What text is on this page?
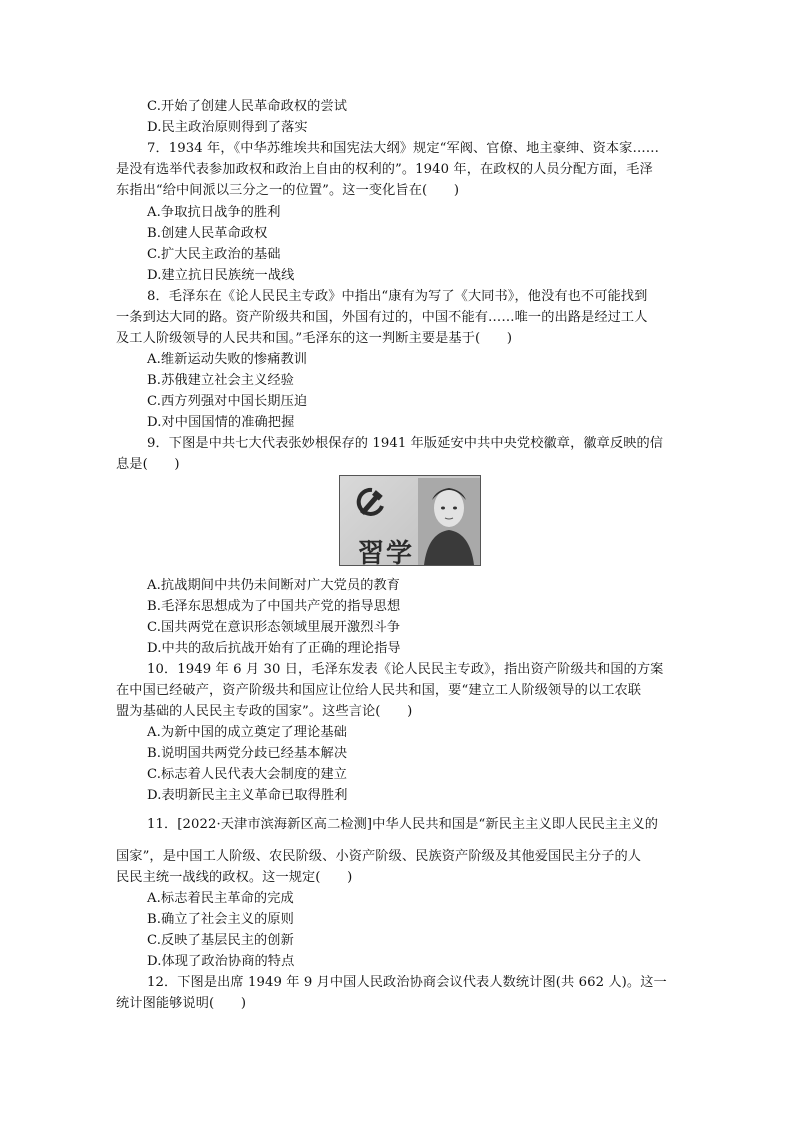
C.开始了创建人民革命政权的尝试
D.民主政治原则得到了落实
7．1934 年，《中华苏维埃共和国宪法大纲》规定“军阀、官僚、地主豪绅、资本家……
是没有选举代表参加政权和政治上自由的权利的”。1940 年，在政权的人员分配方面，毛泽
东指出“给中间派以三分之一的位置”。这一变化旨在(　　)
A.争取抗日战争的胜利
B.创建人民革命政权
C.扩大民主政治的基础
D.建立抗日民族统一战线
8．毛泽东在《论人民民主专政》中指出“康有为写了《大同书》，他没有也不可能找到
一条到达大同的路。资产阶级共和国，外国有过的，中国不能有……唯一的出路是经过工人
及工人阶级领导的人民共和国。”毛泽东的这一判断主要是基于(　　)
A.维新运动失败的惨痛教训
B.苏俄建立社会主义经验
C.西方列强对中国长期压迫
D.对中国国情的准确把握
9．下图是中共七大代表张妙根保存的 1941 年版延安中共中央党校徽章，徽章反映的信
息是(　　)
習学
A.抗战期间中共仍未间断对广大党员的教育
B.毛泽东思想成为了中国共产党的指导思想
C.国共两党在意识形态领域里展开激烈斗争
D.中共的敌后抗战开始有了正确的理论指导
10．1949 年 6 月 30 日，毛泽东发表《论人民民主专政》，指出资产阶级共和国的方案
在中国已经破产，资产阶级共和国应让位给人民共和国，要“建立工人阶级领导的以工农联
盟为基础的人民民主专政的国家”。这些言论(　　)
A.为新中国的成立奠定了理论基础
B.说明国共两党分歧已经基本解决
C.标志着人民代表大会制度的建立
D.表明新民主主义革命已取得胜利
11．[2022·天津市滨海新区高二检测]中华人民共和国是“新民主主义即人民民主主义的
国家”，是中国工人阶级、农民阶级、小资产阶级、民族资产阶级及其他爱国民主分子的人
民民主统一战线的政权。这一规定(　　)
A.标志着民主革命的完成
B.确立了社会主义的原则
C.反映了基层民主的创新
D.体现了政治协商的特点
12．下图是出席 1949 年 9 月中国人民政治协商会议代表人数统计图(共 662 人)。这一
统计图能够说明(　　)
